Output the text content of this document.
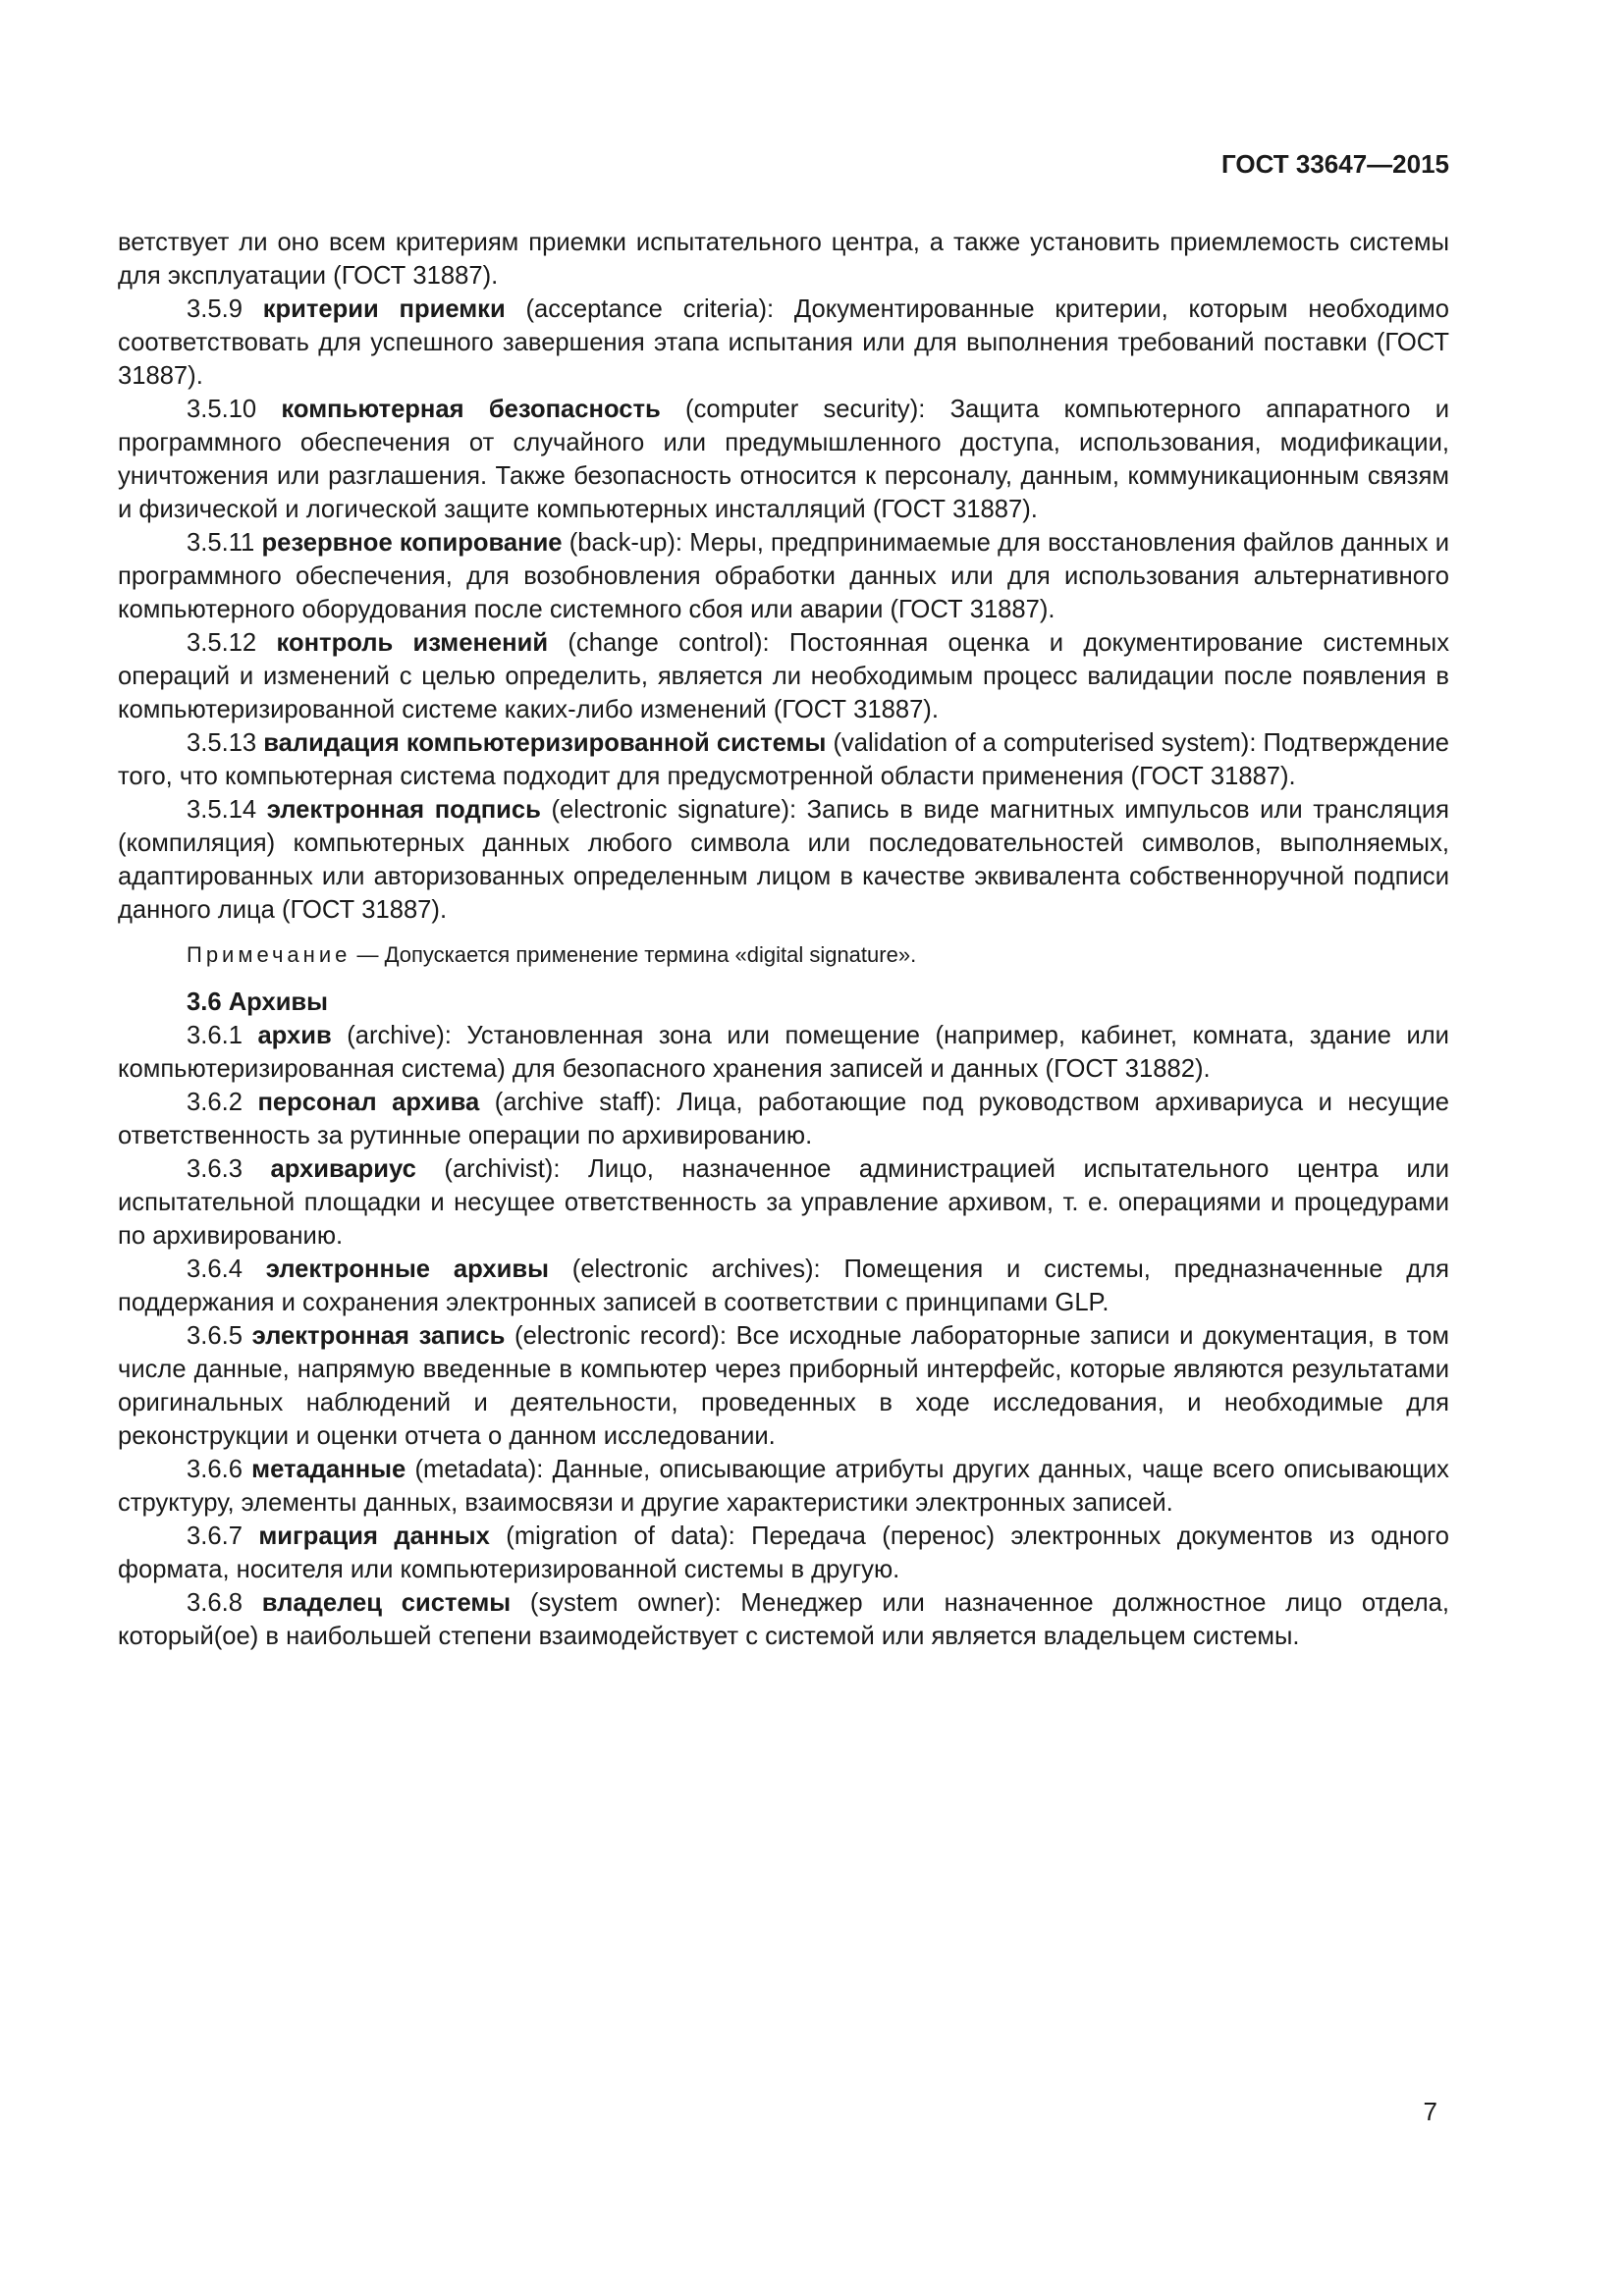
ГОСТ 33647—2015

ветствует ли оно всем критериям приемки испытательного центра, а также установить приемлемость системы для эксплуатации (ГОСТ 31887).

3.5.9 критерии приемки (acceptance criteria): Документированные критерии, которым необходимо соответствовать для успешного завершения этапа испытания или для выполнения требований поставки (ГОСТ 31887).

3.5.10 компьютерная безопасность (computer security): Защита компьютерного аппаратного и программного обеспечения от случайного или предумышленного доступа, использования, модификации, уничтожения или разглашения. Также безопасность относится к персоналу, данным, коммуникационным связям и физической и логической защите компьютерных инсталляций (ГОСТ 31887).

3.5.11 резервное копирование (back-up): Меры, предпринимаемые для восстановления файлов данных и программного обеспечения, для возобновления обработки данных или для использования альтернативного компьютерного оборудования после системного сбоя или аварии (ГОСТ 31887).

3.5.12 контроль изменений (change control): Постоянная оценка и документирование системных операций и изменений с целью определить, является ли необходимым процесс валидации после появления в компьютеризированной системе каких-либо изменений (ГОСТ 31887).

3.5.13 валидация компьютеризированной системы (validation of a computerised system): Подтверждение того, что компьютерная система подходит для предусмотренной области применения (ГОСТ 31887).

3.5.14 электронная подпись (electronic signature): Запись в виде магнитных импульсов или трансляция (компиляция) компьютерных данных любого символа или последовательностей символов, выполняемых, адаптированных или авторизованных определенным лицом в качестве эквивалента собственноручной подписи данного лица (ГОСТ 31887).

Примечание — Допускается применение термина «digital signature».

3.6 Архивы

3.6.1 архив (archive): Установленная зона или помещение (например, кабинет, комната, здание или компьютеризированная система) для безопасного хранения записей и данных (ГОСТ 31882).

3.6.2 персонал архива (archive staff): Лица, работающие под руководством архивариуса и несущие ответственность за рутинные операции по архивированию.

3.6.3 архивариус (archivist): Лицо, назначенное администрацией испытательного центра или испытательной площадки и несущее ответственность за управление архивом, т. е. операциями и процедурами по архивированию.

3.6.4 электронные архивы (electronic archives): Помещения и системы, предназначенные для поддержания и сохранения электронных записей в соответствии с принципами GLP.

3.6.5 электронная запись (electronic record): Все исходные лабораторные записи и документация, в том числе данные, напрямую введенные в компьютер через приборный интерфейс, которые являются результатами оригинальных наблюдений и деятельности, проведенных в ходе исследования, и необходимые для реконструкции и оценки отчета о данном исследовании.

3.6.6 метаданные (metadata): Данные, описывающие атрибуты других данных, чаще всего описывающих структуру, элементы данных, взаимосвязи и другие характеристики электронных записей.

3.6.7 миграция данных (migration of data): Передача (перенос) электронных документов из одного формата, носителя или компьютеризированной системы в другую.

3.6.8 владелец системы (system owner): Менеджер или назначенное должностное лицо отдела, который(ое) в наибольшей степени взаимодействует с системой или является владельцем системы.

7
